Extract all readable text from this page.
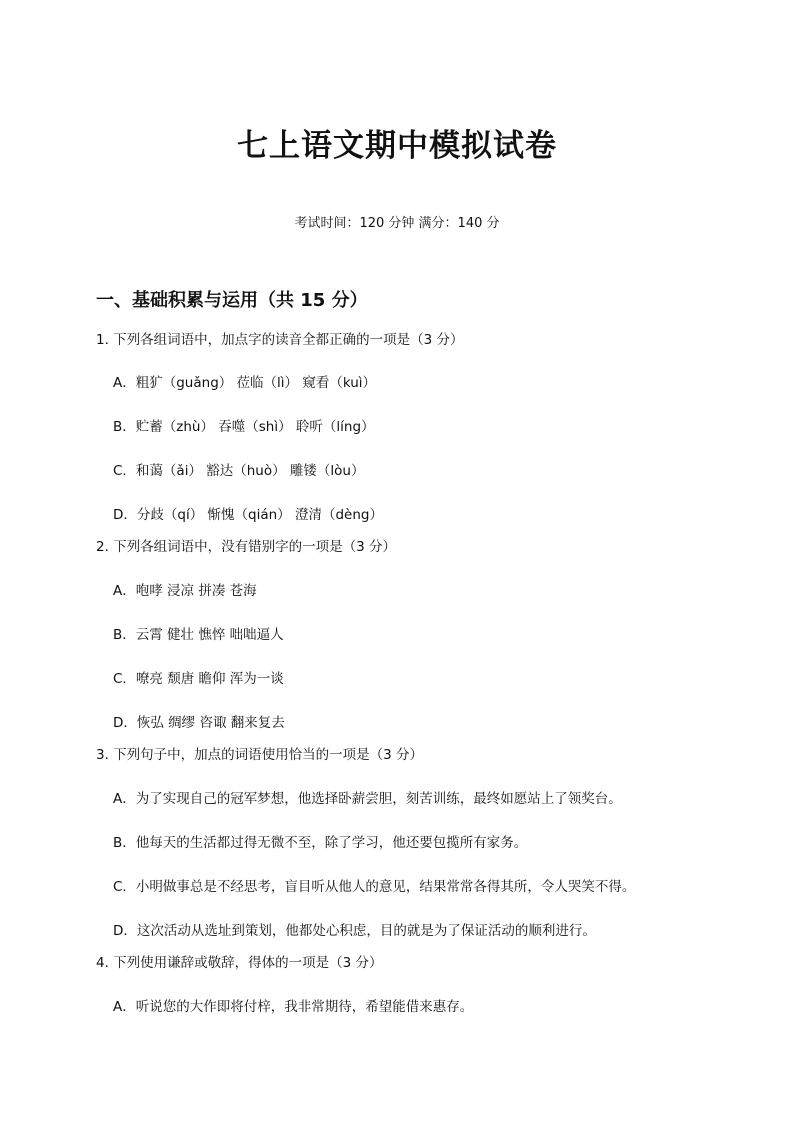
七上语文期中模拟试卷
考试时间：120 分钟 满分：140 分
一、基础积累与运用（共 15 分）
1. 下列各组词语中，加点字的读音全都正确的一项是（3 分）
A．粗犷（guǎng） 莅临（lì） 窥看（kuì）
B．贮蓄（zhù） 吞噬（shì） 聆听（líng）
C．和蔼（ǎi） 豁达（huò） 雕镂（lòu）
D．分歧（qí） 惭愧（qián） 澄清（dèng）
2. 下列各组词语中，没有错别字的一项是（3 分）
A．咆哮 浸凉 拼凑 苍海
B．云霄 健壮 憔悴 咄咄逼人
C．嘹亮 颓唐 瞻仰 浑为一谈
D．恢弘 绸缪 咨诹 翻来复去
3. 下列句子中，加点的词语使用恰当的一项是（3 分）
A．为了实现自己的冠军梦想，他选择卧薪尝胆，刻苦训练，最终如愿站上了领奖台。
B．他每天的生活都过得无微不至，除了学习，他还要包揽所有家务。
C．小明做事总是不经思考，盲目听从他人的意见，结果常常各得其所，令人哭笑不得。
D．这次活动从选址到策划，他都处心积虑，目的就是为了保证活动的顺利进行。
4. 下列使用谦辞或敬辞，得体的一项是（3 分）
A．听说您的大作即将付梓，我非常期待，希望能借来惠存。
